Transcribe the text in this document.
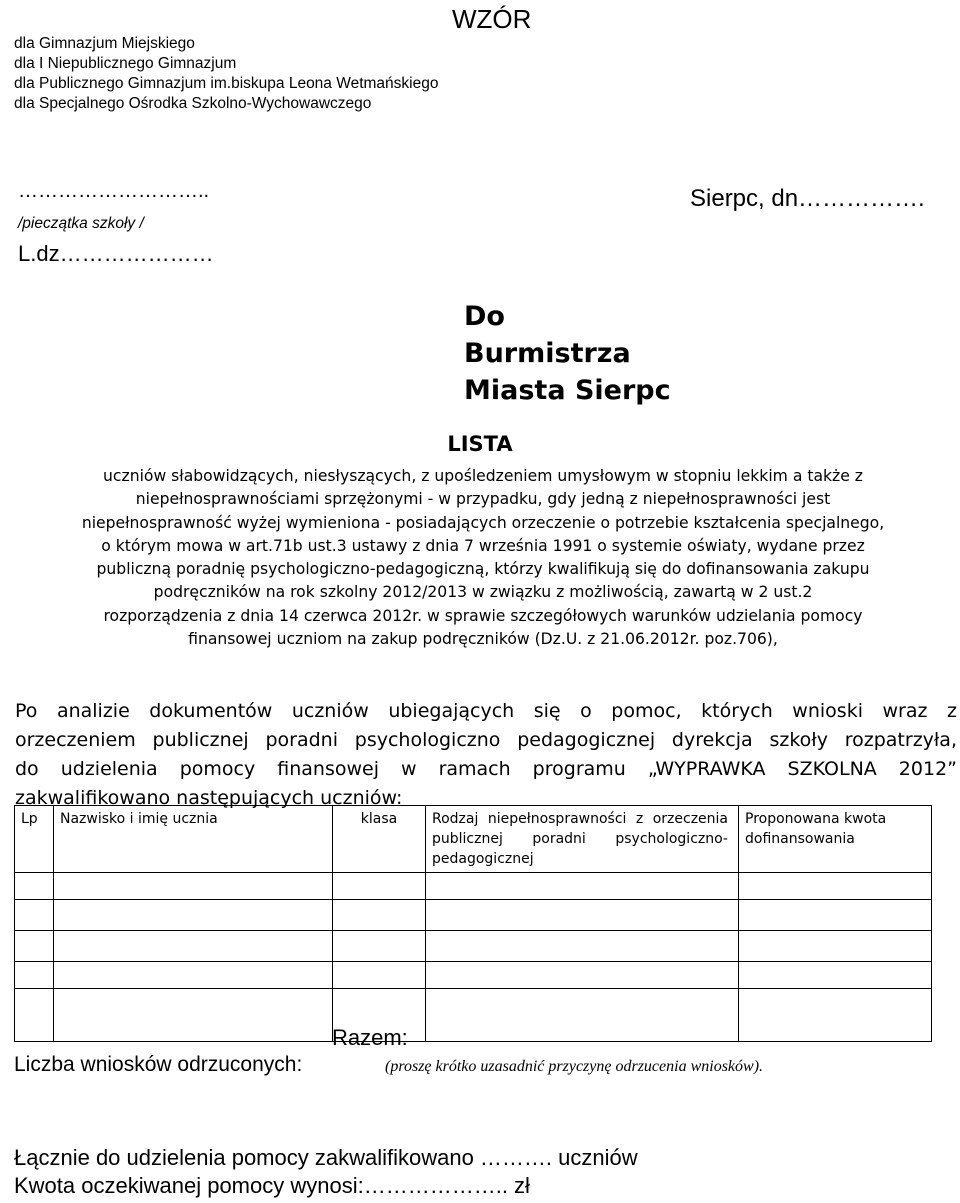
dla Gimnazjum Miejskiego
dla I Niepublicznego Gimnazjum
dla Publicznego Gimnazjum im.biskupa Leona Wetmańskiego
dla Specjalnego Ośrodka Szkolno-Wychowawczego
WZÓR
………………………..
/pieczątka szkoły /
L.dz…………………
Sierpc, dn…………….
Do
Burmistrza
Miasta Sierpc
LISTA
uczniów słabowidzących, niesłyszących, z upośledzeniem umysłowym w stopniu lekkim a także z
niepełnosprawnościami sprzężonymi - w przypadku, gdy jedną z niepełnosprawności jest
niepełnosprawność wyżej wymieniona - posiadających orzeczenie o potrzebie kształcenia specjalnego,
o którym mowa w art.71b ust.3 ustawy z dnia 7 września 1991 o systemie oświaty, wydane przez
publiczną poradnię psychologiczno-pedagogiczną, którzy kwalifikują się do dofinansowania zakupu
podręczników na rok szkolny 2012/2013 w związku z możliwością, zawartą w 2 ust.2
rozporządzenia z dnia 14 czerwca 2012r. w sprawie szczegółowych warunków udzielania pomocy
finansowej uczniom na zakup podręczników (Dz.U. z 21.06.2012r. poz.706),
Po analizie dokumentów uczniów ubiegających się o pomoc, których wnioski wraz z
orzeczeniem publicznej poradni psychologiczno pedagogicznej dyrekcja szkoły rozpatrzyła,
do udzielenia pomocy finansowej w ramach programu „WYPRAWKA SZKOLNA 2012”
zakwalifikowano następujących uczniów:
Lp	Nazwisko i imię ucznia	klasa	Rodzaj niepełnosprawności z orzeczenia publicznej poradni psychologiczno-pedagogicznej	Proponowana kwota dofinansowania

Razem:
Liczba wniosków odrzuconych:	(proszę krótko uzasadnić przyczynę odrzucenia wniosków).
Łącznie do udzielenia pomocy zakwalifikowano ………. uczniów
Kwota oczekiwanej pomocy wynosi:……………….. zł
